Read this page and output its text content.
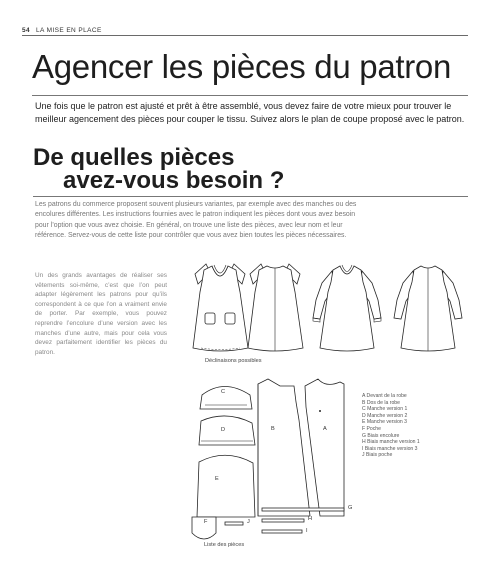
54 LA MISE EN PLACE
Agencer les pièces du patron

Une fois que le patron est ajusté et prêt à être assemblé, vous devez faire de votre mieux pour trouver le meilleur agencement des pièces pour couper le tissu. Suivez alors le plan de coupe proposé avec le patron.

De quelles pièces
avez-vous besoin ?

Les patrons du commerce proposent souvent plusieurs variantes, par exemple avec des manches ou des encolures différentes. Les instructions fournies avec le patron indiquent les pièces dont vous avez besoin pour l’option que vous avez choisie. En général, on trouve une liste des pièces, avec leur nom et leur référence. Servez-vous de cette liste pour contrôler que vous avez bien toutes les pièces nécessaires.

Un des grands avantages de réaliser ses vêtements soi-même, c’est que l’on peut adapter légèrement les patrons pour qu’ils correspondent à ce que l’on a vraiment envie de porter. Par exemple, vous pouvez reprendre l’encolure d’une version avec les manches d’une autre, mais pour cela vous devez parfaitement identifier les pièces du patron.

Déclinaisons possibles
C
D
E
B	A
F	J
G
H
I
Liste des pièces
A Devant de la robe
B Dos de la robe
C Manche version 1
D Manche version 2
E Manche version 3
F Poche
G Biais encolure
H Biais manche version 1
I Biais manche version 3
J Biais poche
